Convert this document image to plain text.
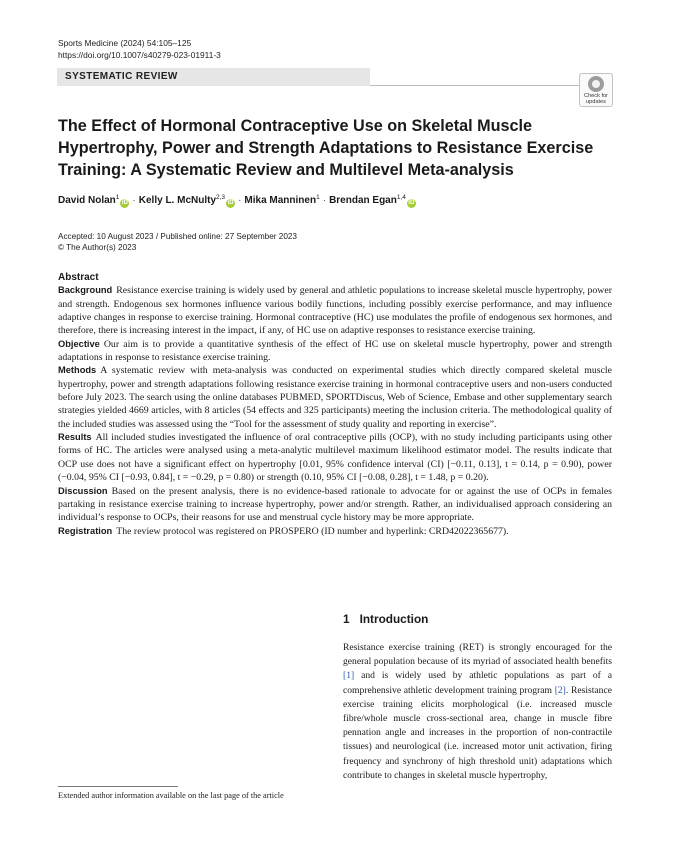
Sports Medicine (2024) 54:105–125
https://doi.org/10.1007/s40279-023-01911-3
SYSTEMATIC REVIEW
Check for
updates
The Effect of Hormonal Contraceptive Use on Skeletal Muscle Hypertrophy, Power and Strength Adaptations to Resistance Exercise Training: A Systematic Review and Multilevel Meta-analysis
David Nolan$^1$iD · Kelly L. McNulty$^{2,3}$iD · Mika Manninen$^1$ · Brendan Egan$^{1,4}$iD
Accepted: 10 August 2023 / Published online: 27 September 2023
© The Author(s) 2023
Abstract

Background Resistance exercise training is widely used by general and athletic populations to increase skeletal muscle hypertrophy, power and strength. Endogenous sex hormones influence various bodily functions, including possibly exercise performance, and may influence adaptive changes in response to exercise training. Hormonal contraceptive (HC) use modulates the profile of endogenous sex hormones, and therefore, there is increasing interest in the impact, if any, of HC use on adaptive responses to resistance exercise training.

Objective Our aim is to provide a quantitative synthesis of the effect of HC use on skeletal muscle hypertrophy, power and strength adaptations in response to resistance exercise training.

Methods A systematic review with meta-analysis was conducted on experimental studies which directly compared skeletal muscle hypertrophy, power and strength adaptations following resistance exercise training in hormonal contraceptive users and non-users conducted before July 2023. The search using the online databases PUBMED, SPORTDiscus, Web of Science, Embase and other supplementary search strategies yielded 4669 articles, with 8 articles (54 effects and 325 participants) meeting the inclusion criteria. The methodological quality of the included studies was assessed using the “Tool for the assessment of study quality and reporting in exercise”.

Results All included studies investigated the influence of oral contraceptive pills (OCP), with no study including participants using other forms of HC. The articles were analysed using a meta-analytic multilevel maximum likelihood estimator model. The results indicate that OCP use does not have a significant effect on hypertrophy [0.01, 95% confidence interval (CI) [−0.11, 0.13], t = 0.14, p = 0.90), power (−0.04, 95% CI [−0.93, 0.84], t = −0.29, p = 0.80) or strength (0.10, 95% CI [−0.08, 0.28], t = 1.48, p = 0.20).

Discussion Based on the present analysis, there is no evidence-based rationale to advocate for or against the use of OCPs in females partaking in resistance exercise training to increase hypertrophy, power and/or strength. Rather, an individualised approach considering an individual’s response to OCPs, their reasons for use and menstrual cycle history may be more appropriate.

Registration The review protocol was registered on PROSPERO (ID number and hyperlink: CRD42022365677).

1 Introduction
Resistance exercise training (RET) is strongly encouraged for the general population because of its myriad of associated health benefits [1] and is widely used by athletic populations as part of a comprehensive athletic development training program [2]. Resistance exercise training elicits morphological (i.e. increased muscle fibre/whole muscle cross-sectional area, change in muscle fibre pennation angle and increases in the proportion of non-contractile tissues) and neurological (i.e. increased motor unit activation, firing frequency and synchrony of high threshold unit) adaptations which contribute to changes in skeletal muscle hypertrophy,
Extended author information available on the last page of the article
